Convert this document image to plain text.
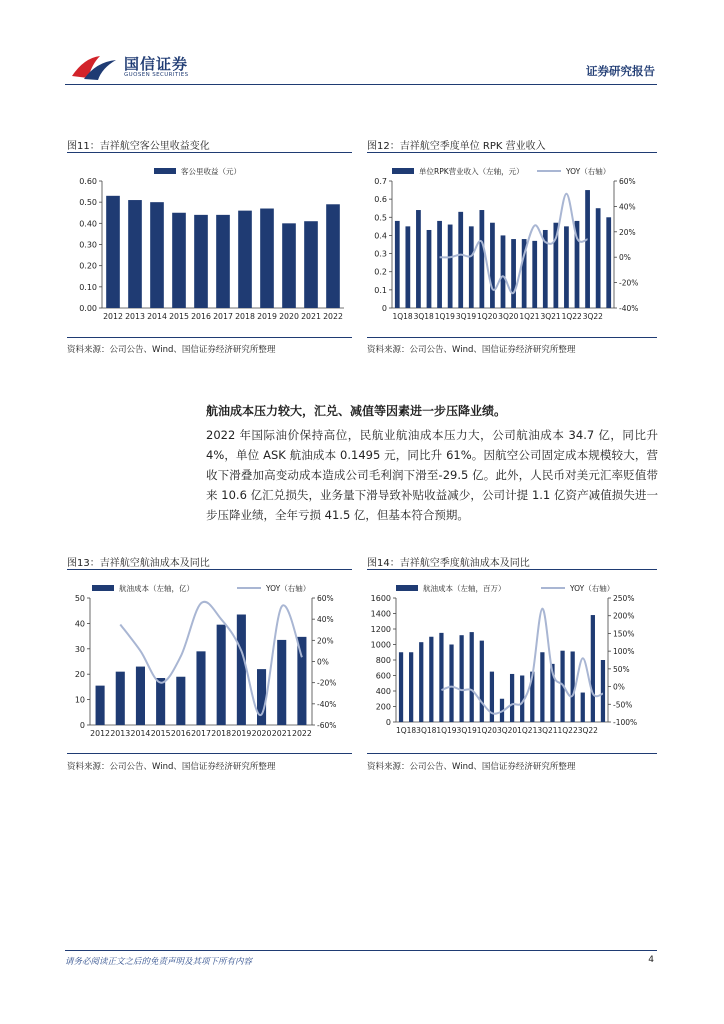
国信证券
GUOSEN SECURITIES	证券研究报告
图11：吉祥航空客公里收益变化
0.00
0.10
0.20
0.30
0.40
0.50
0.60
2012 2013 2014 2015 2016 2017 2018 2019 2020 2021 2022
客公里收益（元）
资料来源：公司公告、Wind、国信证券经济研究所整理
图12：吉祥航空季度单位 RPK 营业收入
0
0.1
0.2
0.3
0.4
0.5
0.6
0.7
1Q18 3Q18 1Q19 3Q19 1Q20 3Q20 1Q21 3Q21 1Q22 3Q22
-40%
-20%
0%
20%
40%
60%
单位RPK营业收入（左轴，元）	YOY（右轴）
资料来源：公司公告、Wind、国信证券经济研究所整理
航油成本压力较大，汇兑、减值等因素进一步压降业绩。
2022 年国际油价保持高位，民航业航油成本压力大，公司航油成本 34.7 亿，同比升 4%，单位 ASK 航油成本 0.1495 元，同比升 61%。因航空公司固定成本规模较大，营收下滑叠加高变动成本造成公司毛利润下滑至-29.5 亿。此外，人民币对美元汇率贬值带来 10.6 亿汇兑损失，业务量下滑导致补贴收益减少，公司计提 1.1 亿资产减值损失进一步压降业绩，全年亏损 41.5 亿，但基本符合预期。
图13：吉祥航空航油成本及同比
0
10
20
30
40
50
2012 2013 2014 2015 2016 2017 2018 2019 2020 2021 2022
-60%
-40%
-20%
0%
20%
40%
60%
航油成本（左轴，亿）	YOY（右轴）
资料来源：公司公告、Wind、国信证券经济研究所整理
图14：吉祥航空季度航油成本及同比
0
200
400
600
800
1000
1200
1400
1600
1Q18 3Q18 1Q19 3Q19 1Q20 3Q20 1Q21 3Q21 1Q22 3Q22
-100%
-50%
0%
50%
100%
150%
200%
250%
航油成本（左轴，百万）	YOY（右轴）
资料来源：公司公告、Wind、国信证券经济研究所整理
请务必阅读正文之后的免责声明及其项下所有内容	4
